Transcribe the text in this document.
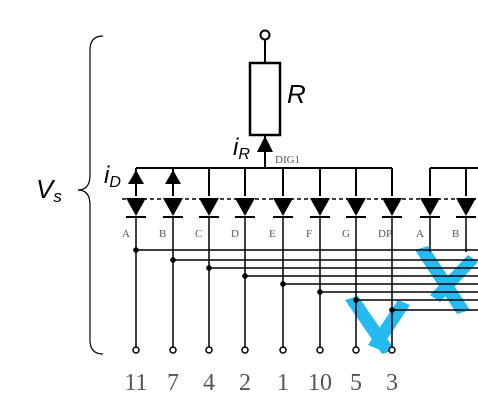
A	B	C	D	E	F	G	DP A	B
11 7 4 2 1 10 5 3
R
iR DIG1
iD
Vs
